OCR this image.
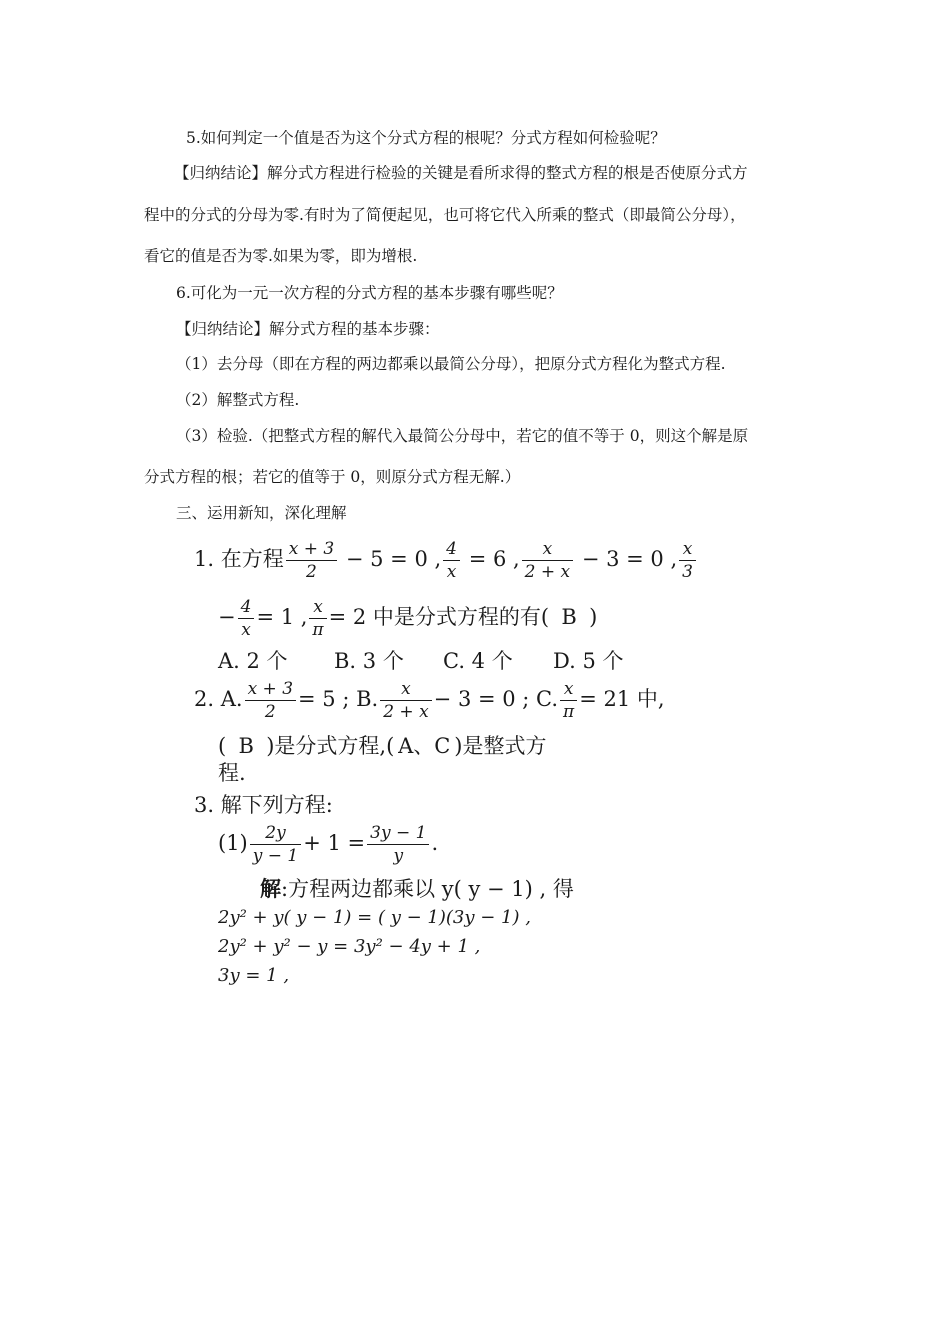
5.如何判定一个值是否为这个分式方程的根呢？分式方程如何检验呢？
【归纳结论】解分式方程进行检验的关键是看所求得的整式方程的根是否使原分式方
程中的分式的分母为零.有时为了简便起见，也可将它代入所乘的整式（即最简公分母），
看它的值是否为零.如果为零，即为增根.
6.可化为一元一次方程的分式方程的基本步骤有哪些呢？
【归纳结论】解分式方程的基本步骤：
（1）去分母（即在方程的两边都乘以最简公分母），把原分式方程化为整式方程.
（2）解整式方程.
（3）检验.（把整式方程的解代入最简公分母中，若它的值不等于 0，则这个解是原
分式方程的根；若它的值等于 0，则原分式方程无解.）
三、运用新知，深化理解
1. 在方程 $\frac{x + 3}{2} - 5 = 0$ , $\frac{4}{x} = 6$ , $\frac{x}{2 + x} - 3 = 0$ , $\frac{x}{3}$
− $\frac{4}{x} = 1$ , $\frac{x}{\pi} = 2$ 中是分式方程的有( B )
A. 2 个 B. 3 个 C. 4 个 D. 5 个
2. A. $\frac{x + 3}{2} = 5$ ; B. $\frac{x}{2 + x} - 3 = 0$ ; C. $\frac{x}{\pi} = 21$ 中,
( B )是分式方程,( A、C )是整式方
程.
3. 解下列方程:
$(1) \frac{2y}{y - 1} + 1 = \frac{3y - 1}{y}$ .
解:方程两边都乘以 y( y − 1) , 得
2y² + y( y − 1) = ( y − 1)(3y − 1) ,
2y² + y² − y = 3y² − 4y + 1 ,
3y = 1 ,
